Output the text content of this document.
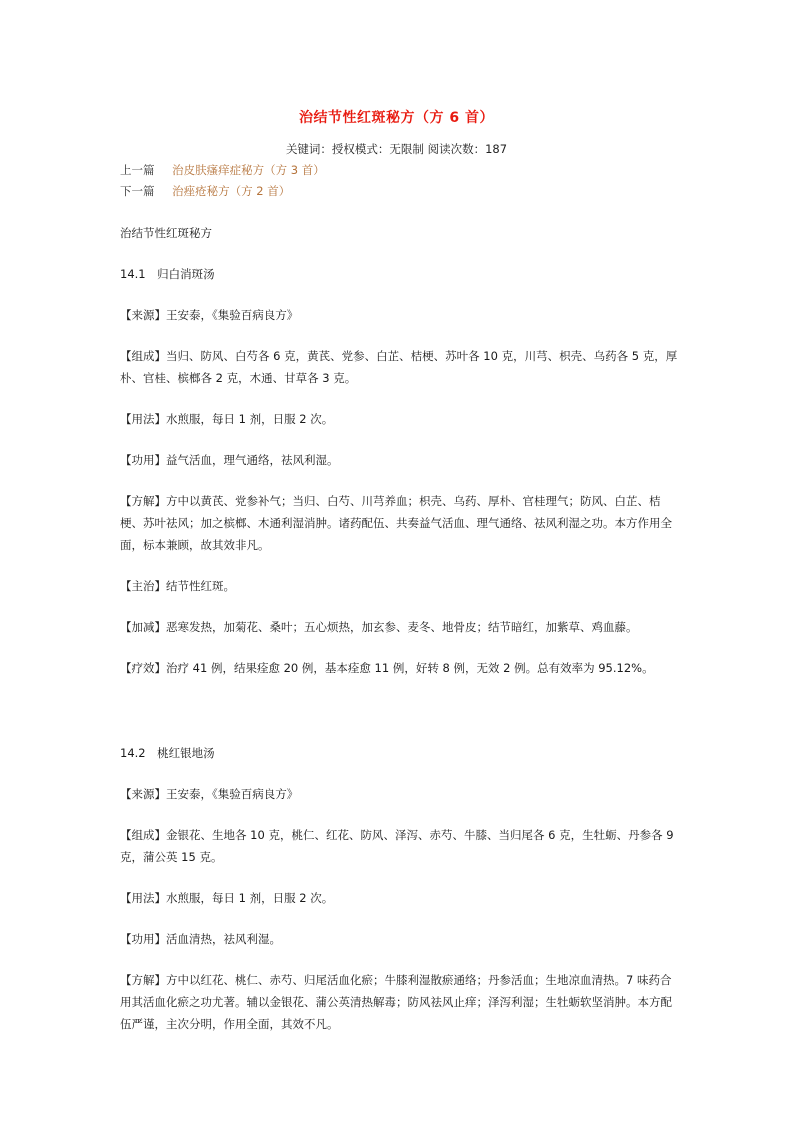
治结节性红斑秘方（方 6 首）
关键词：授权模式：无限制 阅读次数：187
上一篇 治皮肤瘙痒症秘方（方 3 首）
下一篇 治痤疮秘方（方 2 首）

治结节性红斑秘方

14.1　归白消斑汤

【来源】王安泰，《集验百病良方》

【组成】当归、防风、白芍各 6 克，黄芪、党参、白芷、桔梗、苏叶各 10 克，川芎、枳壳、乌药各 5 克，厚朴、官桂、槟榔各 2 克，木通、甘草各 3 克。

【用法】水煎服，每日 1 剂，日服 2 次。

【功用】益气活血，理气通络，祛风利湿。

【方解】方中以黄芪、党参补气；当归、白芍、川芎养血；枳壳、乌药、厚朴、官桂理气；防风、白芷、桔梗、苏叶祛风；加之槟榔、木通利湿消肿。诸药配伍、共奏益气活血、理气通络、祛风利湿之功。本方作用全面，标本兼顾，故其效非凡。

【主治】结节性红斑。

【加减】恶寒发热，加菊花、桑叶；五心烦热，加玄参、麦冬、地骨皮；结节暗红，加紫草、鸡血藤。

【疗效】治疗 41 例，结果痊愈 20 例，基本痊愈 11 例，好转 8 例，无效 2 例。总有效率为 95.12%。

14.2　桃红银地汤

【来源】王安泰，《集验百病良方》

【组成】金银花、生地各 10 克，桃仁、红花、防风、泽泻、赤芍、牛膝、当归尾各 6 克，生牡蛎、丹参各 9 克，蒲公英 15 克。

【用法】水煎服，每日 1 剂，日服 2 次。

【功用】活血清热，祛风利湿。

【方解】方中以红花、桃仁、赤芍、归尾活血化瘀；牛膝利湿散瘀通络；丹参活血；生地凉血清热。7 味药合用其活血化瘀之功尤著。辅以金银花、蒲公英清热解毒；防风祛风止痒；泽泻利湿；生牡蛎软坚消肿。本方配伍严谨，主次分明，作用全面，其效不凡。
